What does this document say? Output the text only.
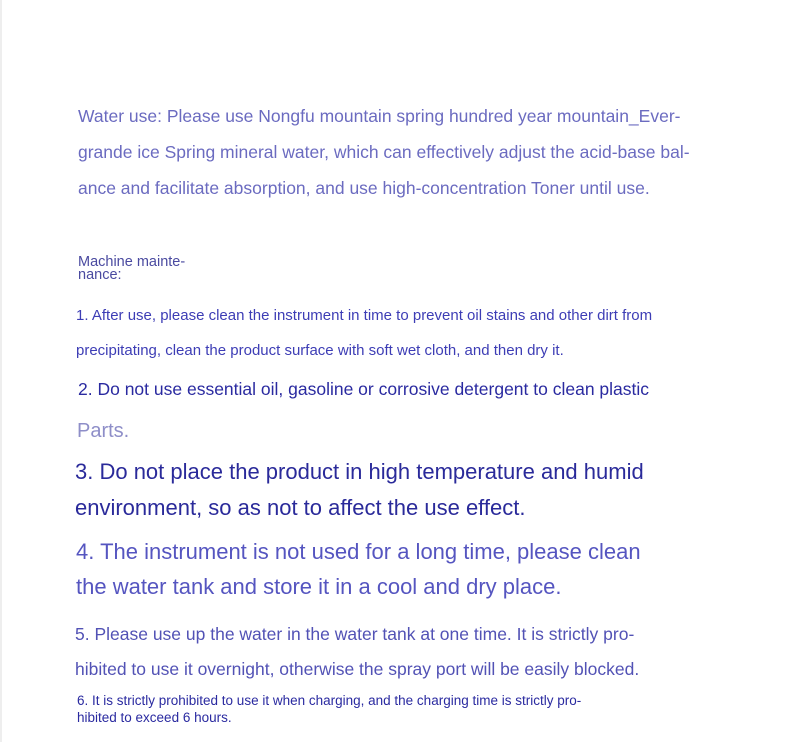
Water use: Please use Nongfu mountain spring hundred year mountain_Ever-
grande ice Spring mineral water, which can effectively adjust the acid-base bal-
ance and facilitate absorption, and use high-concentration Toner until use.

Machine mainte-
nance:

1. After use, please clean the instrument in time to prevent oil stains and other dirt from
precipitating, clean the product surface with soft wet cloth, and then dry it.

2. Do not use essential oil, gasoline or corrosive detergent to clean plastic

Parts.

3. Do not place the product in high temperature and humid
environment, so as not to affect the use effect.

4. The instrument is not used for a long time, please clean
the water tank and store it in a cool and dry place.

5. Please use up the water in the water tank at one time. It is strictly pro-
hibited to use it overnight, otherwise the spray port will be easily blocked.

6. It is strictly prohibited to use it when charging, and the charging time is strictly pro-
hibited to exceed 6 hours.
